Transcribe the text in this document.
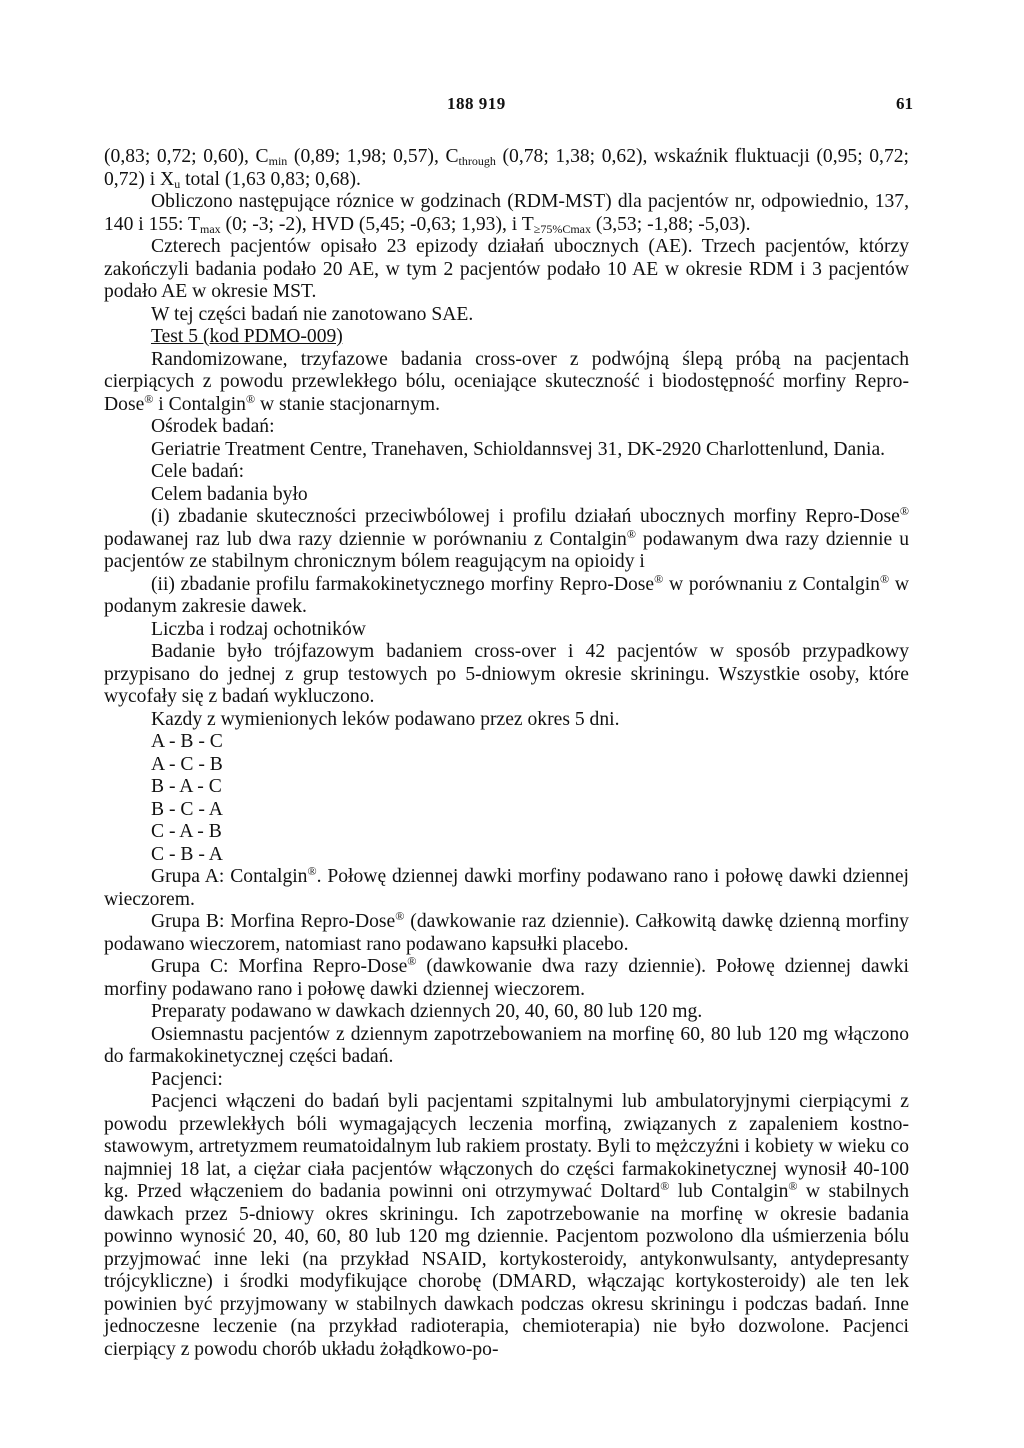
188 919	61

(0,83; 0,72; 0,60), $C_{min}$ (0,89; 1,98; 0,57), $C_{through}$ (0,78; 1,38; 0,62), wskaźnik fluktuacji (0,95; 0,72; 0,72) i $X_u$ total (1,63 0,83; 0,68).

Obliczono następujące róznice w godzinach (RDM-MST) dla pacjentów nr, odpowiednio, 137, 140 i 155: $T_{max}$ (0; -3; -2), HVD (5,45; -0,63; 1,93), i $T_{\ge 75\%Cmax}$ (3,53; -1,88; -5,03).

Czterech pacjentów opisało 23 epizody działań ubocznych (AE). Trzech pacjentów, którzy zakończyli badania podało 20 AE, w tym 2 pacjentów podało 10 AE w okresie RDM i 3 pacjentów podało AE w okresie MST.

W tej części badań nie zanotowano SAE.

Test 5 (kod PDMO-009)

Randomizowane, trzyfazowe badania cross-over z podwójną ślepą próbą na pacjentach cierpiących z powodu przewlekłego bólu, oceniające skuteczność i biodostępność morfiny Repro-Dose® i Contalgin® w stanie stacjonarnym.

Ośrodek badań:

Geriatrie Treatment Centre, Tranehaven, Schioldannsvej 31, DK-2920 Charlottenlund, Dania.

Cele badań:

Celem badania było

(i) zbadanie skuteczności przeciwbólowej i profilu działań ubocznych morfiny Repro-Dose® podawanej raz lub dwa razy dziennie w porównaniu z Contalgin® podawanym dwa razy dziennie u pacjentów ze stabilnym chronicznym bólem reagującym na opioidy i

(ii) zbadanie profilu farmakokinetycznego morfiny Repro-Dose® w porównaniu z Contalgin® w podanym zakresie dawek.

Liczba i rodzaj ochotników

Badanie było trójfazowym badaniem cross-over i 42 pacjentów w sposób przypadkowy przypisano do jednej z grup testowych po 5-dniowym okresie skriningu. Wszystkie osoby, które wycofały się z badań wykluczono.

Kazdy z wymienionych leków podawano przez okres 5 dni.

A - B - C

A - C - B

B - A - C

B - C - A

C - A - B

C - B - A

Grupa A: Contalgin®. Połowę dziennej dawki morfiny podawano rano i połowę dawki dziennej wieczorem.

Grupa B: Morfina Repro-Dose® (dawkowanie raz dziennie). Całkowitą dawkę dzienną morfiny podawano wieczorem, natomiast rano podawano kapsułki placebo.

Grupa C: Morfina Repro-Dose® (dawkowanie dwa razy dziennie). Połowę dziennej dawki morfiny podawano rano i połowę dawki dziennej wieczorem.

Preparaty podawano w dawkach dziennych 20, 40, 60, 80 lub 120 mg.

Osiemnastu pacjentów z dziennym zapotrzebowaniem na morfinę 60, 80 lub 120 mg włączono do farmakokinetycznej części badań.

Pacjenci:

Pacjenci włączeni do badań byli pacjentami szpitalnymi lub ambulatoryjnymi cierpiącymi z powodu przewlekłych bóli wymagających leczenia morfiną, związanych z zapaleniem kostno-stawowym, artretyzmem reumatoidalnym lub rakiem prostaty. Byli to mężczyźni i kobiety w wieku co najmniej 18 lat, a ciężar ciała pacjentów włączonych do części farmakokinetycznej wynosił 40-100 kg. Przed włączeniem do badania powinni oni otrzymywać Doltard® lub Contalgin® w stabilnych dawkach przez 5-dniowy okres skriningu. Ich zapotrzebowanie na morfinę w okresie badania powinno wynosić 20, 40, 60, 80 lub 120 mg dziennie. Pacjentom pozwolono dla uśmierzenia bólu przyjmować inne leki (na przykład NSAID, kortykosteroidy, antykonwulsanty, antydepresanty trójcykliczne) i środki modyfikujące chorobę (DMARD, włączając kortykosteroidy) ale ten lek powinien być przyjmowany w stabilnych dawkach podczas okresu skriningu i podczas badań. Inne jednoczesne leczenie (na przykład radioterapia, chemioterapia) nie było dozwolone. Pacjenci cierpiący z powodu chorób układu żołądkowo-po-
